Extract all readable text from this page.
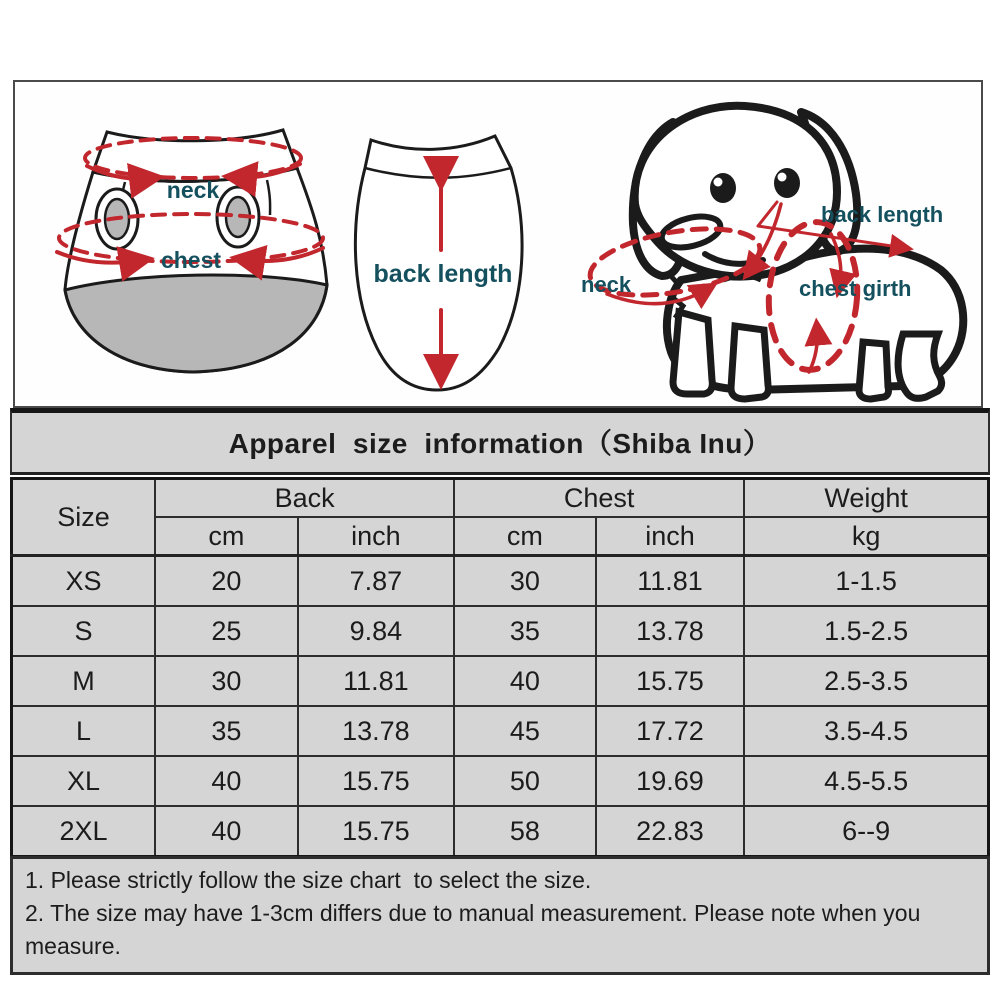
neck
chest	back length	neck
back length
chest girth
Apparel  size  information（Shiba Inu）
Size	Back		Chest		Weight
	cm	inch	cm	inch	kg
XS	20	7.87	30	11.81	1-1.5
S	25	9.84	35	13.78	1.5-2.5
M	30	11.81	40	15.75	2.5-3.5
L	35	13.78	45	17.72	3.5-4.5
XL	40	15.75	50	19.69	4.5-5.5
2XL	40	15.75	58	22.83	6--9
1. Please strictly follow the size chart  to select the size.
2. The size may have 1-3cm differs due to manual measurement. Please note when you measure.
